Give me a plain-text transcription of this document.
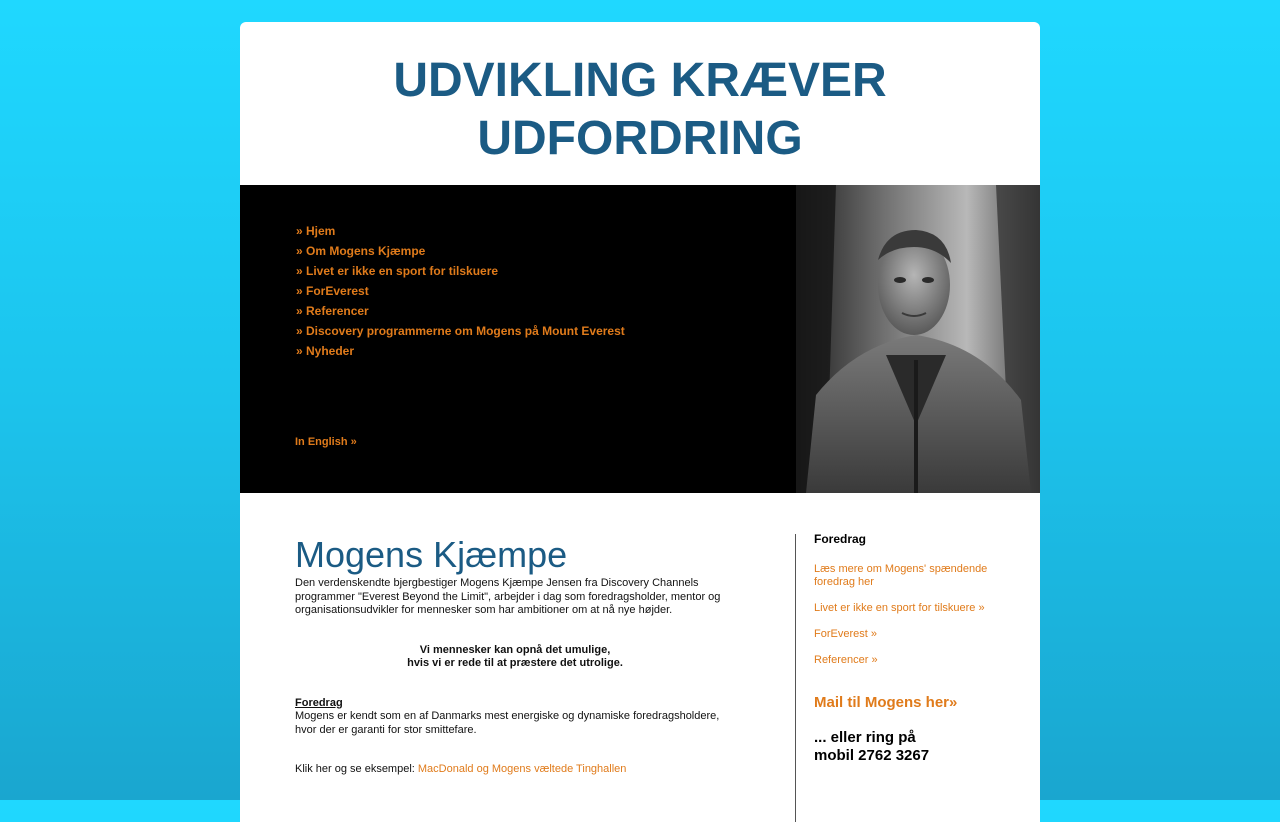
UDVIKLING KRÆVER
UDFORDRING
» Hjem
» Om Mogens Kjæmpe
» Livet er ikke en sport for tilskuere
» ForEverest
» Referencer
» Discovery programmerne om Mogens på Mount Everest
» Nyheder
In English »
Mogens Kjæmpe

Den verdenskendte bjergbestiger Mogens Kjæmpe Jensen fra Discovery Channels programmer "Everest Beyond the Limit", arbejder i dag som foredragsholder, mentor og organisationsudvikler for mennesker som har ambitioner om at nå nye højder.

Vi mennesker kan opnå det umulige,
hvis vi er rede til at præstere det utrolige.

Foredrag

Mogens er kendt som en af Danmarks mest energiske og dynamiske foredragsholdere, hvor der er garanti for stor smittefare.

Klik her og se eksempel: MacDonald og Mogens væltede Tinghallen

Foredrag
Læs mere om Mogens' spændende foredrag her
Livet er ikke en sport for tilskuere »
ForEverest »
Referencer »
Mail til Mogens her»
... eller ring på
mobil 2762 3267
